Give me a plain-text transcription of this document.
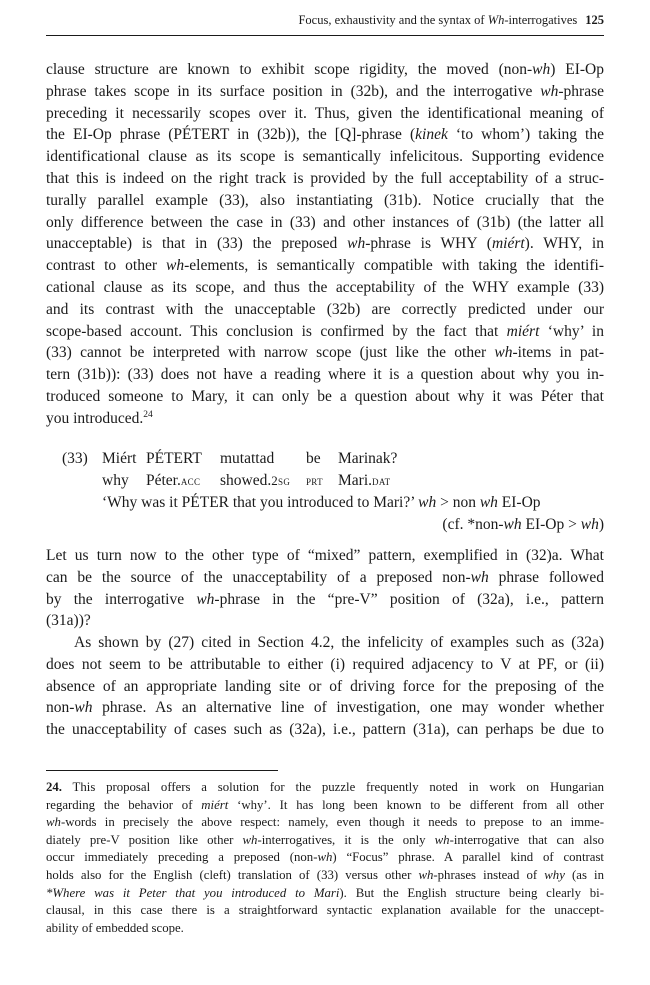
Focus, exhaustivity and the syntax of Wh-interrogatives 125
clause structure are known to exhibit scope rigidity, the moved (non-wh) EI-Op
phrase takes scope in its surface position in (32b), and the interrogative wh-phrase
preceding it necessarily scopes over it. Thus, given the identificational meaning of
the EI-Op phrase (PÉTERT in (32b)), the [Q]-phrase (kinek ‘to whom’) taking the
identificational clause as its scope is semantically infelicitous. Supporting evidence
that this is indeed on the right track is provided by the full acceptability of a struc-
turally parallel example (33), also instantiating (31b). Notice crucially that the
only difference between the case in (33) and other instances of (31b) (the latter all
unacceptable) is that in (33) the preposed wh-phrase is WHY (miért). WHY, in
contrast to other wh-elements, is semantically compatible with taking the identifi-
cational clause as its scope, and thus the acceptability of the WHY example (33)
and its contrast with the unacceptable (32b) are correctly predicted under our
scope-based account. This conclusion is confirmed by the fact that miért ‘why’ in
(33) cannot be interpreted with narrow scope (just like the other wh-items in pat-
tern (31b)): (33) does not have a reading where it is a question about why you in-
troduced someone to Mary, it can only be a question about why it was Péter that
you introduced.$^{24}$
(33) Miért PÉTERT mutattad be Marinak?
why Péter.acc showed.2sg prt Mari.dat
‘Why was it PÉTER that you introduced to Mari?’ wh > non wh EI-Op
(cf. *non-wh EI-Op > wh)
Let us turn now to the other type of “mixed” pattern, exemplified in (32)a. What
can be the source of the unacceptability of a preposed non-wh phrase followed
by the interrogative wh-phrase in the “pre-V” position of (32a), i.e., pattern
(31a))?
As shown by (27) cited in Section 4.2, the infelicity of examples such as (32a)
does not seem to be attributable to either (i) required adjacency to V at PF, or (ii)
absence of an appropriate landing site or of driving force for the preposing of the
non-wh phrase. As an alternative line of investigation, one may wonder whether
the unacceptability of cases such as (32a), i.e., pattern (31a), can perhaps be due to
24. This proposal offers a solution for the puzzle frequently noted in work on Hungarian
regarding the behavior of miért ‘why’. It has long been known to be different from all other
wh-words in precisely the above respect: namely, even though it needs to prepose to an imme-
diately pre-V position like other wh-interrogatives, it is the only wh-interrogative that can also
occur immediately preceding a preposed (non-wh) “Focus” phrase. A parallel kind of contrast
holds also for the English (cleft) translation of (33) versus other wh-phrases instead of why (as in
*Where was it Peter that you introduced to Mari). But the English structure being clearly bi-
clausal, in this case there is a straightforward syntactic explanation available for the unaccept-
ability of embedded scope.
